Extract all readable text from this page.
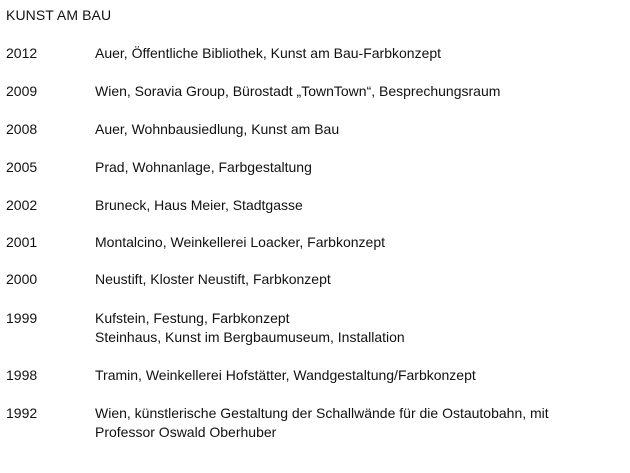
KUNST AM BAU
2012	Auer, Öffentliche Bibliothek, Kunst am Bau-Farbkonzept
2009	Wien, Soravia Group, Bürostadt „TownTown“, Besprechungsraum
2008	Auer, Wohnbausiedlung, Kunst am Bau
2005	Prad, Wohnanlage, Farbgestaltung
2002	Bruneck, Haus Meier, Stadtgasse
2001	Montalcino, Weinkellerei Loacker, Farbkonzept
2000	Neustift, Kloster Neustift, Farbkonzept
1999	Kufstein, Festung, Farbkonzept
Steinhaus, Kunst im Bergbaumuseum, Installation
1998	Tramin, Weinkellerei Hofstätter, Wandgestaltung/Farbkonzept
1992	Wien, künstlerische Gestaltung der Schallwände für die Ostautobahn, mit
Professor Oswald Oberhuber
